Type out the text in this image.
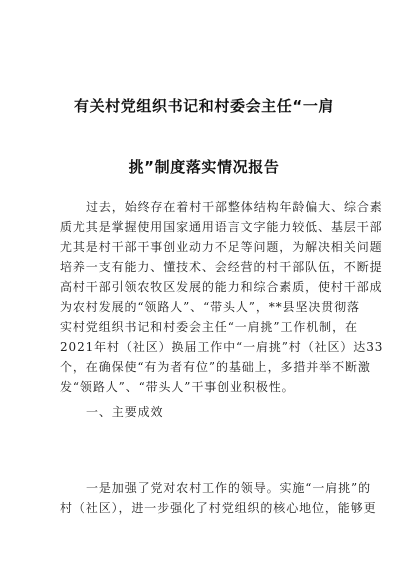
有关村党组织书记和村委会主任“一肩
挑”制度落实情况报告
过去，始终存在着村干部整体结构年龄偏大、综合素
质尤其是掌握使用国家通用语言文字能力较低、基层干部
尤其是村干部干事创业动力不足等问题，为解决相关问题
培养一支有能力、懂技术、会经营的村干部队伍，不断提
高村干部引领农牧区发展的能力和综合素质，使村干部成
为农村发展的“领路人”、“带头人”，**县坚决贯彻落
实村党组织书记和村委会主任“一肩挑”工作机制，在
2021年村（社区）换届工作中“一肩挑”村（社区）达33
个，在确保使“有为者有位”的基础上，多措并举不断激
发“领路人”、“带头人”干事创业积极性。
一、主要成效
一是加强了党对农村工作的领导。实施“一肩挑”的
村（社区），进一步强化了村党组织的核心地位，能够更
